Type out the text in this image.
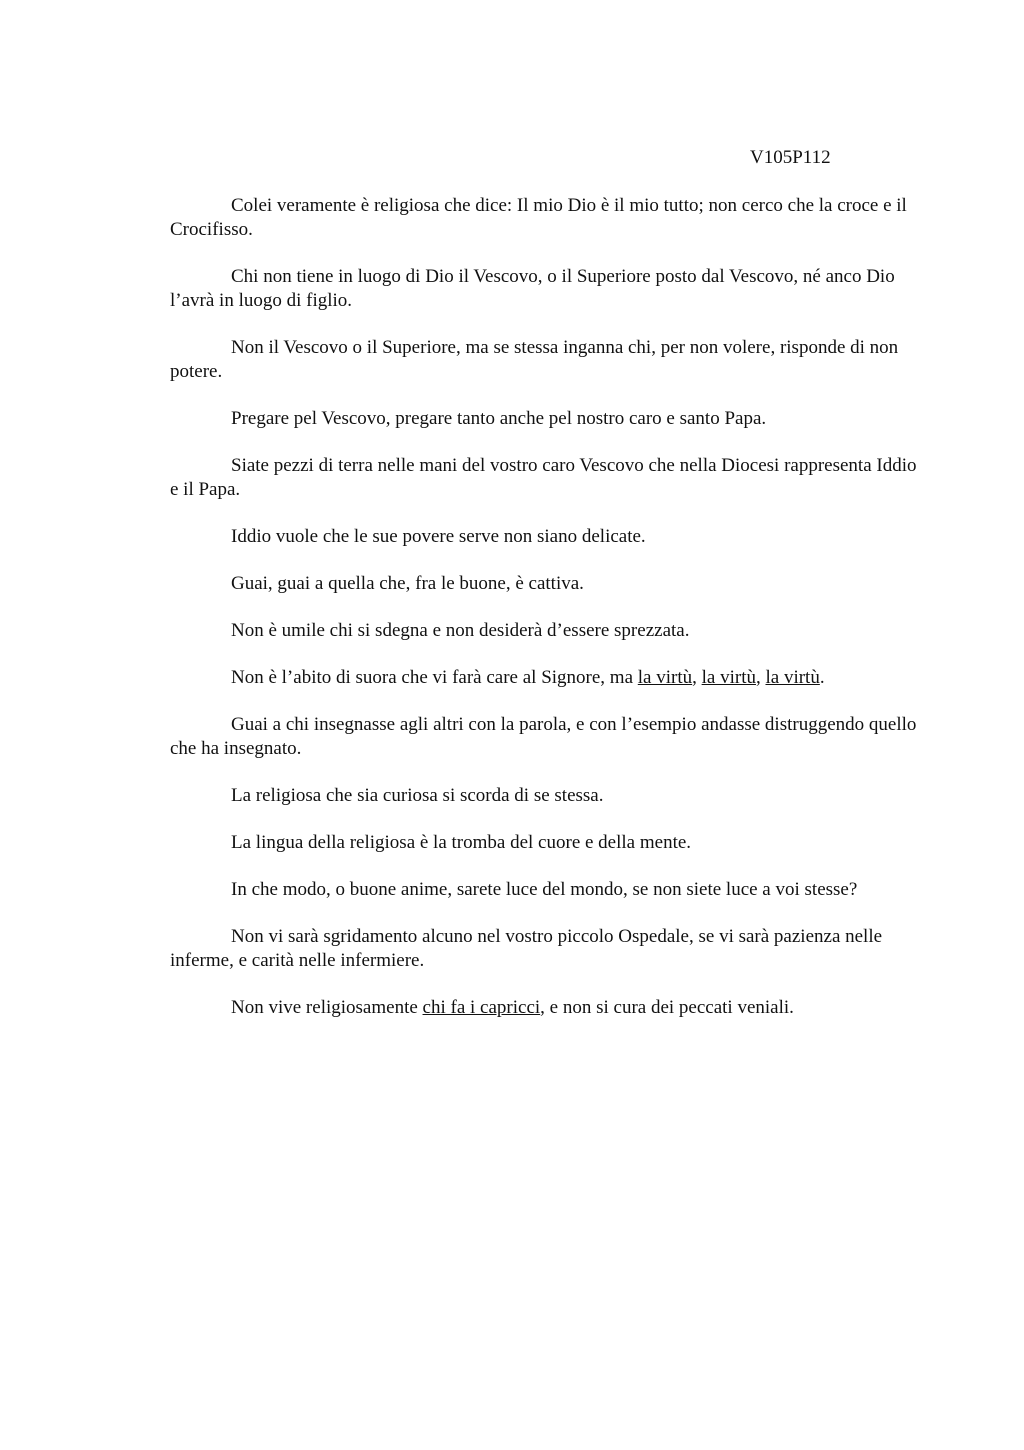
V105P112

Colei veramente è religiosa che dice: Il mio Dio è il mio tutto; non cerco che la croce e il Crocifisso.

Chi non tiene in luogo di Dio il Vescovo, o il Superiore posto dal Vescovo, né anco Dio l’avrà in luogo di figlio.

Non il Vescovo o il Superiore, ma se stessa inganna chi, per non volere, risponde di non potere.

Pregare pel Vescovo, pregare tanto anche pel nostro caro e santo Papa.

Siate pezzi di terra nelle mani del vostro caro Vescovo che nella Diocesi rappresenta Iddio e il Papa.

Iddio vuole che le sue povere serve non siano delicate.

Guai, guai a quella che, fra le buone, è cattiva.

Non è umile chi si sdegna e non desiderà d’essere sprezzata.

Non è l’abito di suora che vi farà care al Signore, ma la virtù, la virtù, la virtù.

Guai a chi insegnasse agli altri con la parola, e con l’esempio andasse distruggendo quello che ha insegnato.

La religiosa che sia curiosa si scorda di se stessa.

La lingua della religiosa è la tromba del cuore e della mente.

In che modo, o buone anime, sarete luce del mondo, se non siete luce a voi stesse?

Non vi sarà sgridamento alcuno nel vostro piccolo Ospedale, se vi sarà pazienza nelle inferme, e carità nelle infermiere.

Non vive religiosamente chi fa i capricci, e non si cura dei peccati veniali.
